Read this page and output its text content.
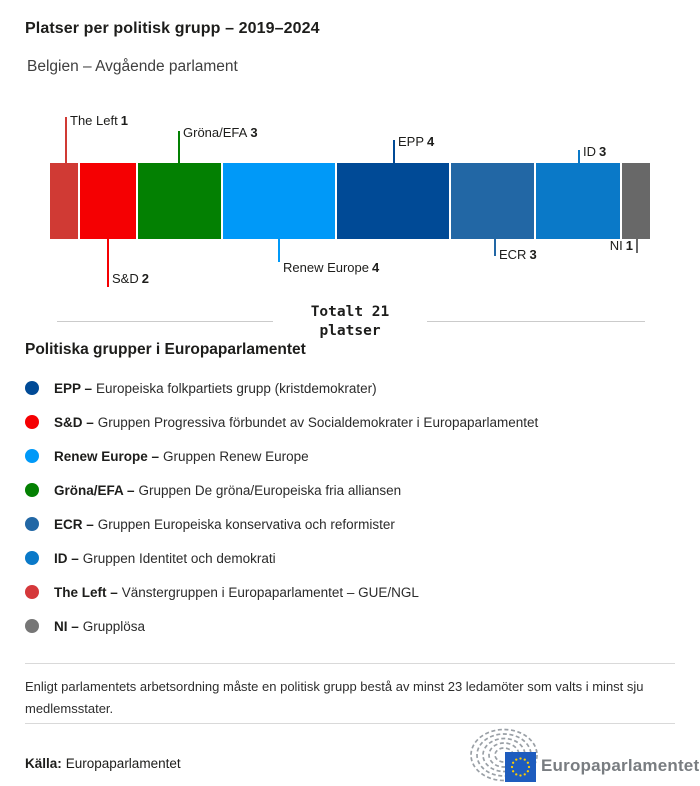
Platser per politisk grupp – 2019–2024
Belgien – Avgående parlament
The Left 1
S&D 2
Gröna/EFA 3
Renew Europe 4
EPP 4
ECR 3
ID 3
NI 1
Totalt 21
platser
Politiska grupper i Europaparlamentet
EPP – Europeiska folkpartiets grupp (kristdemokrater)
S&D – Gruppen Progressiva förbundet av Socialdemokrater i Europaparlamentet
Renew Europe – Gruppen Renew Europe
Gröna/EFA – Gruppen De gröna/Europeiska fria alliansen
ECR – Gruppen Europeiska konservativa och reformister
ID – Gruppen Identitet och demokrati
The Left – Vänstergruppen i Europaparlamentet – GUE/NGL
NI – Grupplösa
Enligt parlamentets arbetsordning måste en politisk grupp bestå av minst 23 ledamöter som valts i minst sju medlemsstater.
Källa: Europaparlamentet	Europaparlamentet
